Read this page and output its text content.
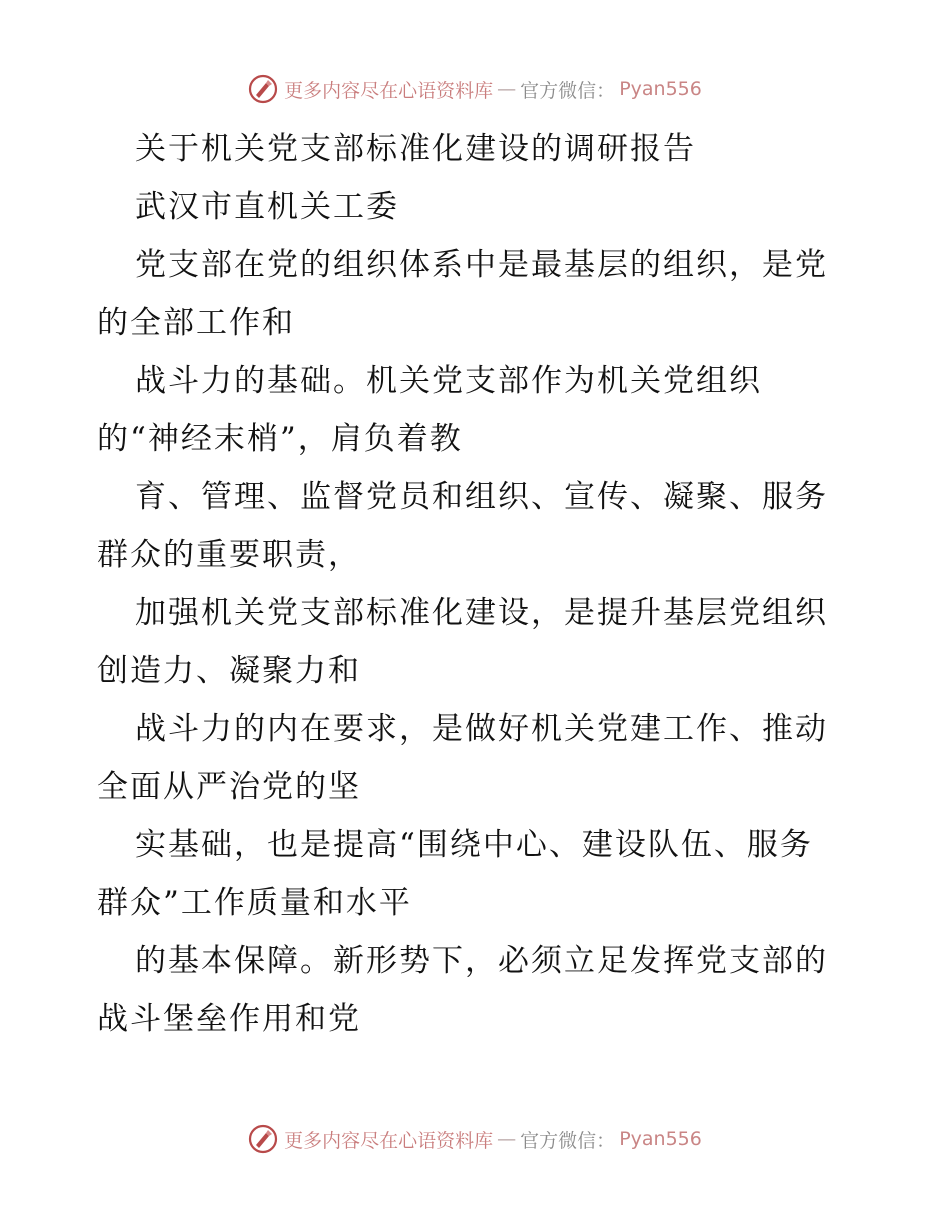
更多内容尽在心语资料库 — 官方微信： Pyan556
关于机关党支部标准化建设的调研报告
武汉市直机关工委
党支部在党的组织体系中是最基层的组织，是党
的全部工作和
战斗力的基础。机关党支部作为机关党组织
的“神经末梢”，肩负着教
育、管理、监督党员和组织、宣传、凝聚、服务
群众的重要职责，
加强机关党支部标准化建设，是提升基层党组织
创造力、凝聚力和
战斗力的内在要求，是做好机关党建工作、推动
全面从严治党的坚
实基础，也是提高“围绕中心、建设队伍、服务
群众”工作质量和水平
的基本保障。新形势下，必须立足发挥党支部的
战斗堡垒作用和党
更多内容尽在心语资料库 — 官方微信： Pyan556
